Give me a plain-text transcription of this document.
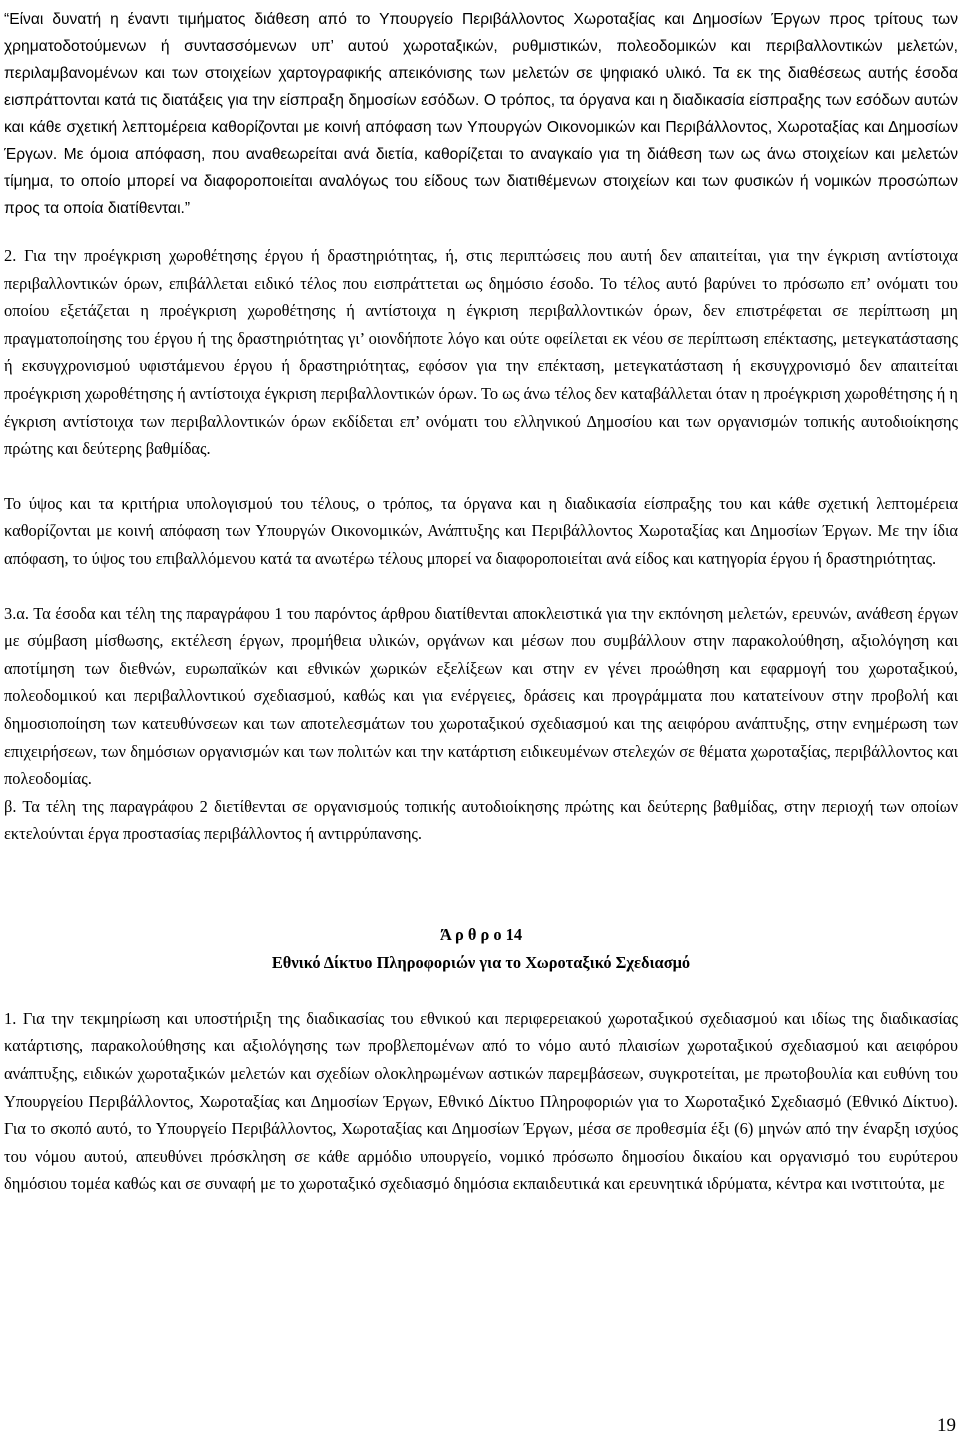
“Είναι δυνατή η έναντι τιμήματος διάθεση από το Υπουργείο Περιβάλλοντος Χωροταξίας και Δημοσίων Έργων προς τρίτους των χρηματοδοτούμενων ή συντασσόμενων υπ’ αυτού χωροταξικών, ρυθμιστικών, πολεοδομικών και περιβαλλοντικών μελετών, περιλαμβανομένων και των στοιχείων χαρτογραφικής απεικόνισης των μελετών σε ψηφιακό υλικό. Τα εκ της διαθέσεως αυτής έσοδα εισπράττονται κατά τις διατάξεις για την είσπραξη δημοσίων εσόδων. Ο τρόπος, τα όργανα και η διαδικασία είσπραξης των εσόδων αυτών και κάθε σχετική λεπτομέρεια καθορίζονται με κοινή απόφαση των Υπουργών Οικονομικών και Περιβάλλοντος, Χωροταξίας και Δημοσίων Έργων. Με όμοια απόφαση, που αναθεωρείται ανά διετία, καθορίζεται το αναγκαίο για τη διάθεση των ως άνω στοιχείων και μελετών τίμημα, το οποίο μπορεί να διαφοροποιείται αναλόγως του είδους των διατιθέμενων στοιχείων και των φυσικών ή νομικών προσώπων προς τα οποία διατίθενται.”

2. Για την προέγκριση χωροθέτησης έργου ή δραστηριότητας, ή, στις περιπτώσεις που αυτή δεν απαιτείται, για την έγκριση αντίστοιχα περιβαλλοντικών όρων, επιβάλλεται ειδικό τέλος που εισπράττεται ως δημόσιο έσοδο. Το τέλος αυτό βαρύνει το πρόσωπο επ’ ονόματι του οποίου εξετάζεται η προέγκριση χωροθέτησης ή αντίστοιχα η έγκριση περιβαλλοντικών όρων, δεν επιστρέφεται σε περίπτωση μη πραγματοποίησης του έργου ή της δραστηριότητας γι’ οιονδήποτε λόγο και ούτε οφείλεται εκ νέου σε περίπτωση επέκτασης, μετεγκατάστασης ή εκσυγχρονισμού υφιστάμενου έργου ή δραστηριότητας, εφόσον για την επέκταση, μετεγκατάσταση ή εκσυγχρονισμό δεν απαιτείται προέγκριση χωροθέτησης ή αντίστοιχα έγκριση περιβαλλοντικών όρων. Το ως άνω τέλος δεν καταβάλλεται όταν η προέγκριση χωροθέτησης ή η έγκριση αντίστοιχα των περιβαλλοντικών όρων εκδίδεται επ’ ονόματι του ελληνικού Δημοσίου και των οργανισμών τοπικής αυτοδιοίκησης πρώτης και δεύτερης βαθμίδας.

Το ύψος και τα κριτήρια υπολογισμού του τέλους, ο τρόπος, τα όργανα και η διαδικασία είσπραξης του και κάθε σχετική λεπτομέρεια καθορίζονται με κοινή απόφαση των Υπουργών Οικονομικών, Ανάπτυξης και Περιβάλλοντος Χωροταξίας και Δημοσίων Έργων. Με την ίδια απόφαση, το ύψος του επιβαλλόμενου κατά τα ανωτέρω τέλους μπορεί να διαφοροποιείται ανά είδος και κατηγορία έργου ή δραστηριότητας.

3.α. Τα έσοδα και τέλη της παραγράφου 1 του παρόντος άρθρου διατίθενται αποκλειστικά για την εκπόνηση μελετών, ερευνών, ανάθεση έργων με σύμβαση μίσθωσης, εκτέλεση έργων, προμήθεια υλικών, οργάνων και μέσων που συμβάλλουν στην παρακολούθηση, αξιολόγηση και αποτίμηση των διεθνών, ευρωπαϊκών και εθνικών χωρικών εξελίξεων και στην εν γένει προώθηση και εφαρμογή του χωροταξικού, πολεοδομικού και περιβαλλοντικού σχεδιασμού, καθώς και για ενέργειες, δράσεις και προγράμματα που κατατείνουν στην προβολή και δημοσιοποίηση των κατευθύνσεων και των αποτελεσμάτων του χωροταξικού σχεδιασμού και της αειφόρου ανάπτυξης, στην ενημέρωση των επιχειρήσεων, των δημόσιων οργανισμών και των πολιτών και την κατάρτιση ειδικευμένων στελεχών σε θέματα χωροταξίας, περιβάλλοντος και πολεοδομίας.

β. Τα τέλη της παραγράφου 2 διετίθενται σε οργανισμούς τοπικής αυτοδιοίκησης πρώτης και δεύτερης βαθμίδας, στην περιοχή των οποίων εκτελούνται έργα προστασίας περιβάλλοντος ή αντιρρύπανσης.

Ά ρ θ ρ ο 14

Εθνικό Δίκτυο Πληροφοριών για το Χωροταξικό Σχεδιασμό

1. Για την τεκμηρίωση και υποστήριξη της διαδικασίας του εθνικού και περιφερειακού χωροταξικού σχεδιασμού και ιδίως της διαδικασίας κατάρτισης, παρακολούθησης και αξιολόγησης των προβλεπομένων από το νόμο αυτό πλαισίων χωροταξικού σχεδιασμού και αειφόρου ανάπτυξης, ειδικών χωροταξικών μελετών και σχεδίων ολοκληρωμένων αστικών παρεμβάσεων, συγκροτείται, με πρωτοβουλία και ευθύνη του Υπουργείου Περιβάλλοντος, Χωροταξίας και Δημοσίων Έργων, Εθνικό Δίκτυο Πληροφοριών για το Χωροταξικό Σχεδιασμό (Εθνικό Δίκτυο). Για το σκοπό αυτό, το Υπουργείο Περιβάλλοντος, Χωροταξίας και Δημοσίων Έργων, μέσα σε προθεσμία έξι (6) μηνών από την έναρξη ισχύος του νόμου αυτού, απευθύνει πρόσκληση σε κάθε αρμόδιο υπουργείο, νομικό πρόσωπο δημοσίου δικαίου και οργανισμό του ευρύτερου δημόσιου τομέα καθώς και σε συναφή με το χωροταξικό σχεδιασμό δημόσια εκπαιδευτικά και ερευνητικά ιδρύματα, κέντρα και ινστιτούτα, με

19
